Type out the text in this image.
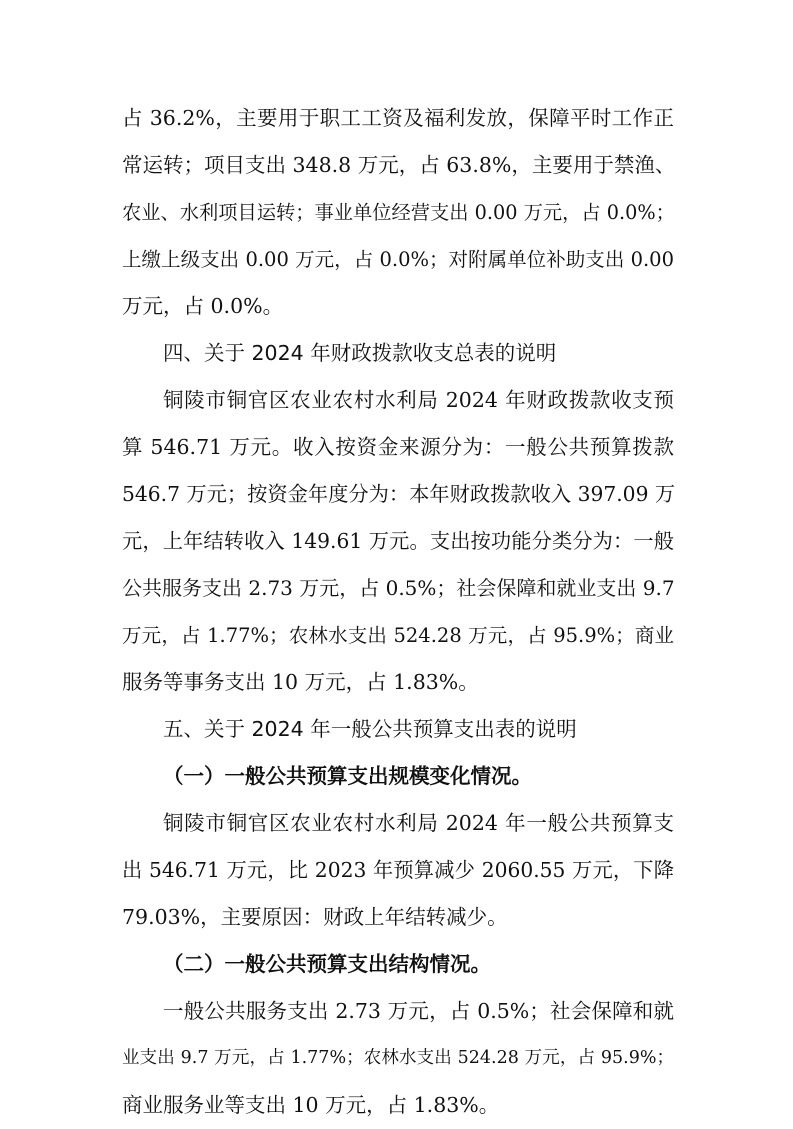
占 36.2%，主要用于职工工资及福利发放，保障平时工作正
常运转；项目支出 348.8 万元，占 63.8%，主要用于禁渔、
农业、水利项目运转；事业单位经营支出 0.00 万元，占 0.0%；
上缴上级支出 0.00 万元，占 0.0%；对附属单位补助支出 0.00
万元，占 0.0%。
四、关于 2024 年财政拨款收支总表的说明
铜陵市铜官区农业农村水利局 2024 年财政拨款收支预
算 546.71 万元。收入按资金来源分为：一般公共预算拨款
546.7 万元；按资金年度分为：本年财政拨款收入 397.09 万
元，上年结转收入 149.61 万元。支出按功能分类分为：一般
公共服务支出 2.73 万元，占 0.5%；社会保障和就业支出 9.7
万元，占 1.77%；农林水支出 524.28 万元，占 95.9%；商业
服务等事务支出 10 万元，占 1.83%。
五、关于 2024 年一般公共预算支出表的说明
（一）一般公共预算支出规模变化情况。
铜陵市铜官区农业农村水利局 2024 年一般公共预算支
出 546.71 万元，比 2023 年预算减少 2060.55 万元，下降
79.03%，主要原因：财政上年结转减少。
（二）一般公共预算支出结构情况。
一般公共服务支出 2.73 万元，占 0.5%；社会保障和就
业支出 9.7 万元，占 1.77%；农林水支出 524.28 万元，占 95.9%；
商业服务业等支出 10 万元，占 1.83%。
